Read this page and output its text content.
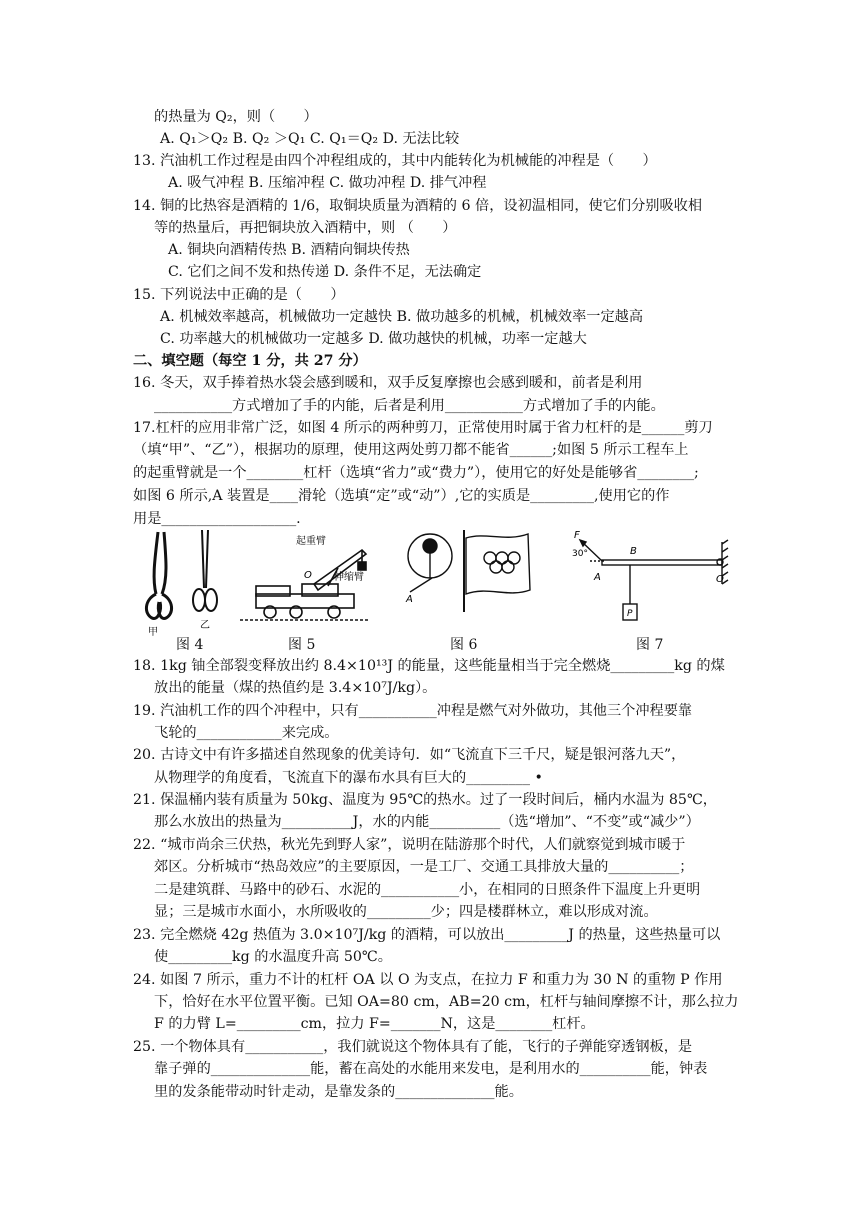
的热量为 Q₂，则（　　）
A. Q₁＞Q₂ B. Q₂ ＞Q₁ C. Q₁＝Q₂ D. 无法比较
13. 汽油机工作过程是由四个冲程组成的，其中内能转化为机械能的冲程是（　　）
A. 吸气冲程 B. 压缩冲程 C. 做功冲程 D. 排气冲程
14. 铜的比热容是酒精的 1/6，取铜块质量为酒精的 6 倍，设初温相同，使它们分别吸收相
等的热量后，再把铜块放入酒精中，则 （　　）
A. 铜块向酒精传热 B. 酒精向铜块传热
C. 它们之间不发和热传递 D. 条件不足，无法确定
15. 下列说法中正确的是（　　）
A. 机械效率越高，机械做功一定越快 B. 做功越多的机械，机械效率一定越高
C. 功率越大的机械做功一定越多 D. 做功越快的机械，功率一定越大
二、填空题（每空 1 分，共 27 分）
16. 冬天，双手捧着热水袋会感到暖和，双手反复摩擦也会感到暖和，前者是利用
___________方式增加了手的内能，后者是利用___________方式增加了手的内能。
17.杠杆的应用非常广泛，如图 4 所示的两种剪刀，正常使用时属于省力杠杆的是______剪刀
（填“甲”、“乙”），根据功的原理，使用这两处剪刀都不能省______;如图 5 所示工程车上
的起重臂就是一个________杠杆（选填“省力”或“费力”），使用它的好处是能够省________;
如图 6 所示,A 装置是____滑轮（选填“定”或“动”）,它的实质是_________,使用它的作
用是___________________.
甲
乙
起重臂
伸缩臂
O
A
F
30°
A
B
O
P
图 4	图 5	图 6	图 7
18. 1kg 铀全部裂变释放出约 8.4×10¹³J 的能量，这些能量相当于完全燃烧_________kg 的煤
放出的能量（煤的热值约是 3.4×10⁷J/kg）。
19. 汽油机工作的四个冲程中，只有___________冲程是燃气对外做功，其他三个冲程要靠
飞轮的____________来完成。
20. 古诗文中有许多描述自然现象的优美诗句．如“飞流直下三千尺，疑是银河落九天”，
从物理学的角度看，飞流直下的瀑布水具有巨大的_________ •
21. 保温桶内装有质量为 50kg、温度为 95℃的热水。过了一段时间后，桶内水温为 85℃，
那么水放出的热量为__________J，水的内能__________（选“增加”、“不变”或“减少”）
22. “城市尚余三伏热，秋光先到野人家”，说明在陆游那个时代，人们就察觉到城市暖于
郊区。分析城市“热岛效应”的主要原因，一是工厂、交通工具排放大量的__________；
二是建筑群、马路中的砂石、水泥的___________小，在相同的日照条件下温度上升更明
显；三是城市水面小，水所吸收的_________少；四是楼群林立，难以形成对流。
23. 完全燃烧 42g 热值为 3.0×10⁷J/kg 的酒精，可以放出_________J 的热量，这些热量可以
使_________kg 的水温度升高 50℃。
24. 如图 7 所示，重力不计的杠杆 OA 以 O 为支点，在拉力 F 和重力为 30 N 的重物 P 作用
下，恰好在水平位置平衡。已知 OA=80 cm，AB=20 cm，杠杆与轴间摩擦不计，那么拉力
F 的力臂 L=_________cm，拉力 F=_______N，这是________杠杆。
25. 一个物体具有___________，我们就说这个物体具有了能，飞行的子弹能穿透钢板，是
靠子弹的______________能，蓄在高处的水能用来发电，是利用水的__________能，钟表
里的发条能带动时针走动，是靠发条的______________能。
